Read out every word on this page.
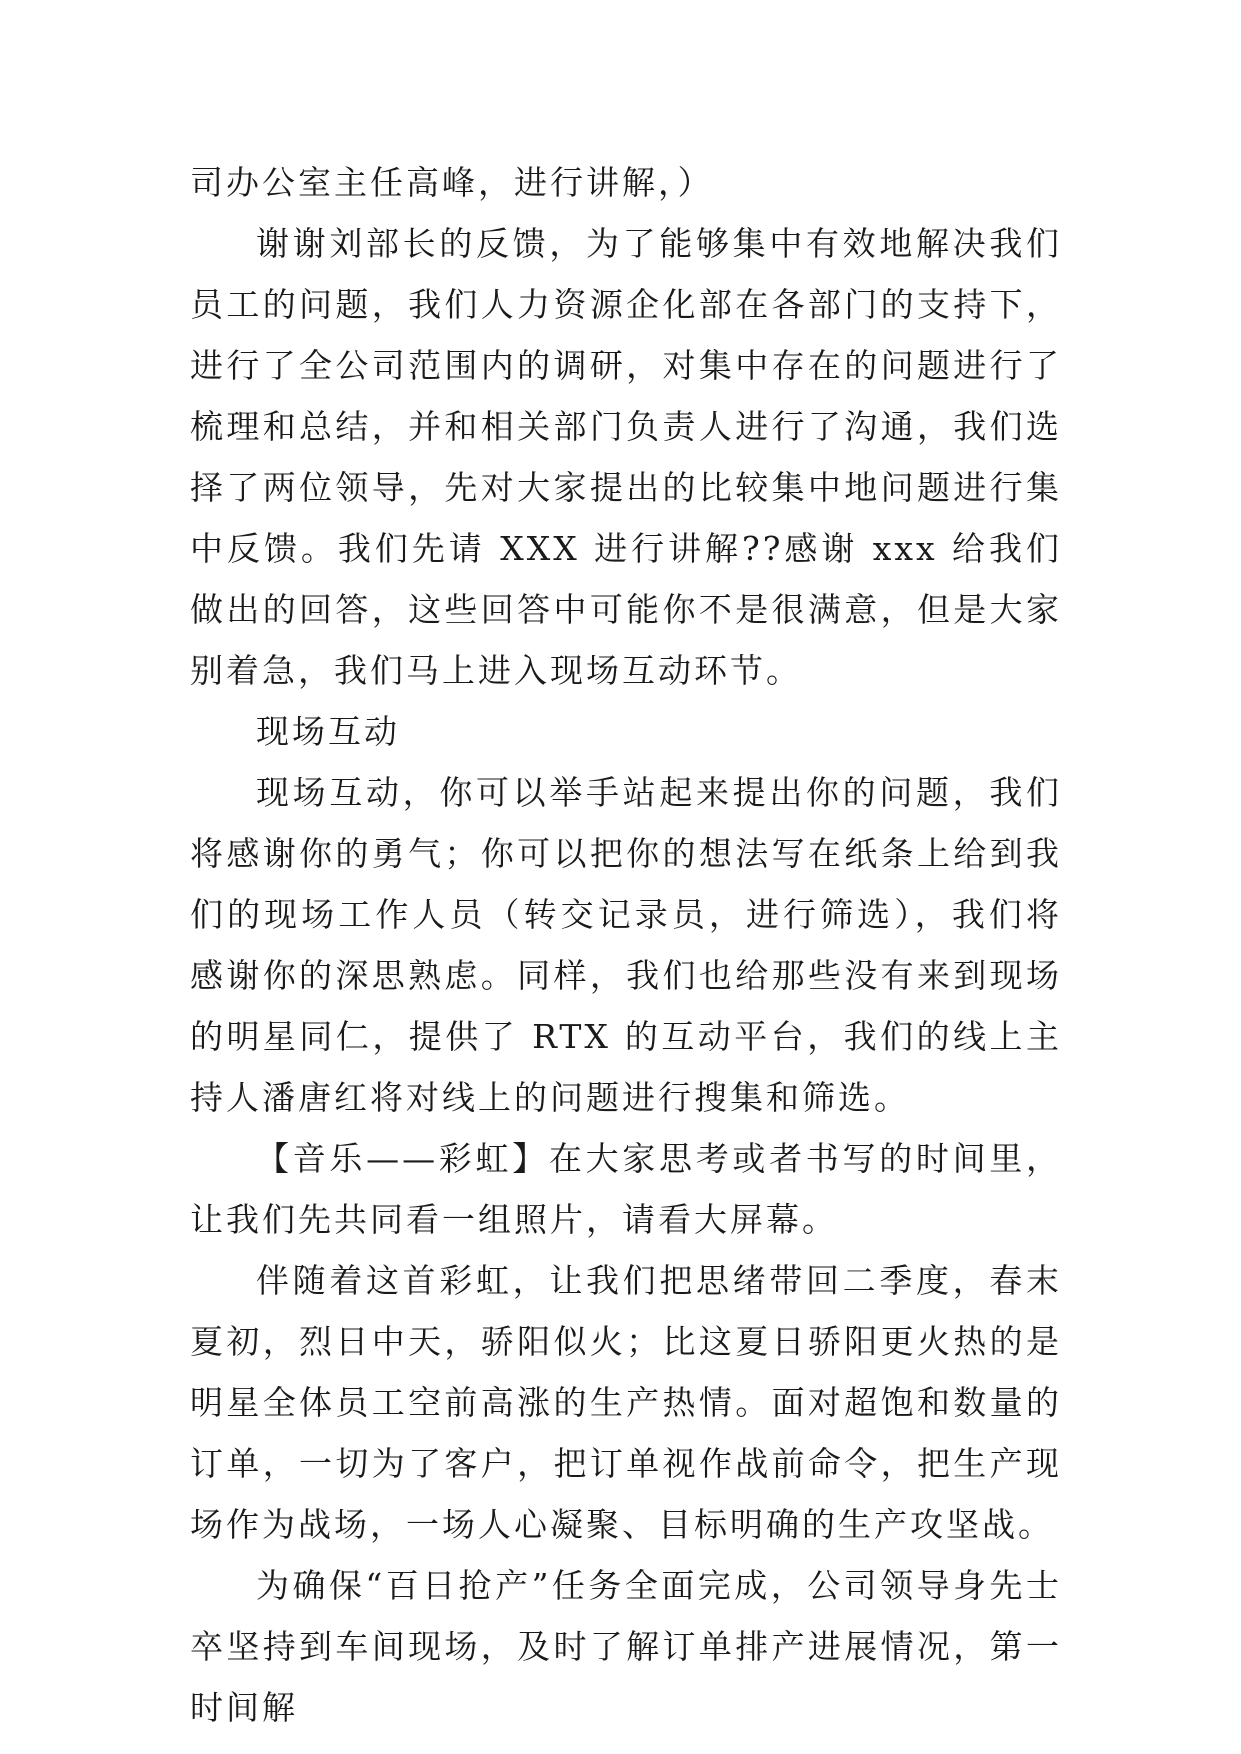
司办公室主任高峰，进行讲解，）

谢谢刘部长的反馈，为了能够集中有效地解决我们员工的问题，我们人力资源企化部在各部门的支持下，进行了全公司范围内的调研，对集中存在的问题进行了梳理和总结，并和相关部门负责人进行了沟通，我们选择了两位领导，先对大家提出的比较集中地问题进行集中反馈。我们先请 XXX 进行讲解??感谢 xxx 给我们做出的回答，这些回答中可能你不是很满意，但是大家别着急，我们马上进入现场互动环节。

现场互动

现场互动，你可以举手站起来提出你的问题，我们将感谢你的勇气；你可以把你的想法写在纸条上给到我们的现场工作人员（转交记录员，进行筛选），我们将感谢你的深思熟虑。同样，我们也给那些没有来到现场的明星同仁，提供了 RTX 的互动平台，我们的线上主持人潘唐红将对线上的问题进行搜集和筛选。

【音乐——彩虹】在大家思考或者书写的时间里，让我们先共同看一组照片，请看大屏幕。

伴随着这首彩虹，让我们把思绪带回二季度，春末夏初，烈日中天，骄阳似火；比这夏日骄阳更火热的是明星全体员工空前高涨的生产热情。面对超饱和数量的订单，一切为了客户，把订单视作战前命令，把生产现场作为战场，一场人心凝聚、目标明确的生产攻坚战。

为确保“百日抢产”任务全面完成，公司领导身先士卒坚持到车间现场，及时了解订单排产进展情况，第一时间解
